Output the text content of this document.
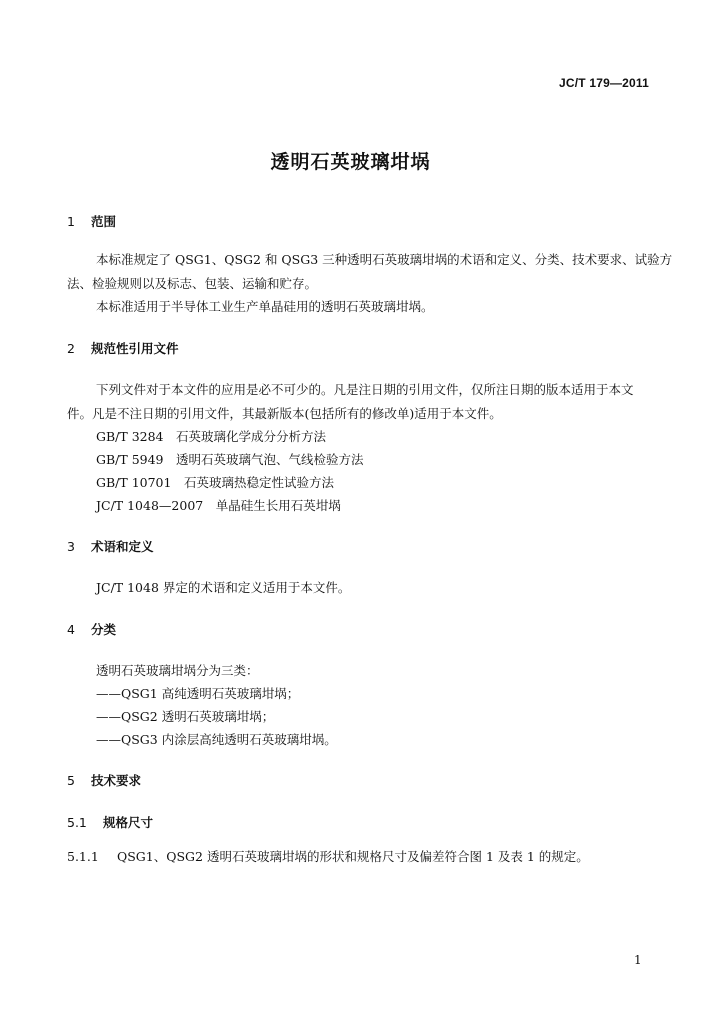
JC/T 179—2011
透明石英玻璃坩埚
1 范围
本标准规定了 QSG1、QSG2 和 QSG3 三种透明石英玻璃坩埚的术语和定义、分类、技术要求、试验方
法、检验规则以及标志、包装、运输和贮存。
本标准适用于半导体工业生产单晶硅用的透明石英玻璃坩埚。
2 规范性引用文件
下列文件对于本文件的应用是必不可少的。凡是注日期的引用文件，仅所注日期的版本适用于本文
件。凡是不注日期的引用文件，其最新版本(包括所有的修改单)适用于本文件。
GB/T 3284　石英玻璃化学成分分析方法
GB/T 5949　透明石英玻璃气泡、气线检验方法
GB/T 10701　石英玻璃热稳定性试验方法
JC/T 1048—2007　单晶硅生长用石英坩埚
3 术语和定义
JC/T 1048 界定的术语和定义适用于本文件。
4 分类
透明石英玻璃坩埚分为三类：
——QSG1 高纯透明石英玻璃坩埚；
——QSG2 透明石英玻璃坩埚；
——QSG3 内涂层高纯透明石英玻璃坩埚。
5 技术要求
5.1 规格尺寸
5.1.1 QSG1、QSG2 透明石英玻璃坩埚的形状和规格尺寸及偏差符合图 1 及表 1 的规定。
1
